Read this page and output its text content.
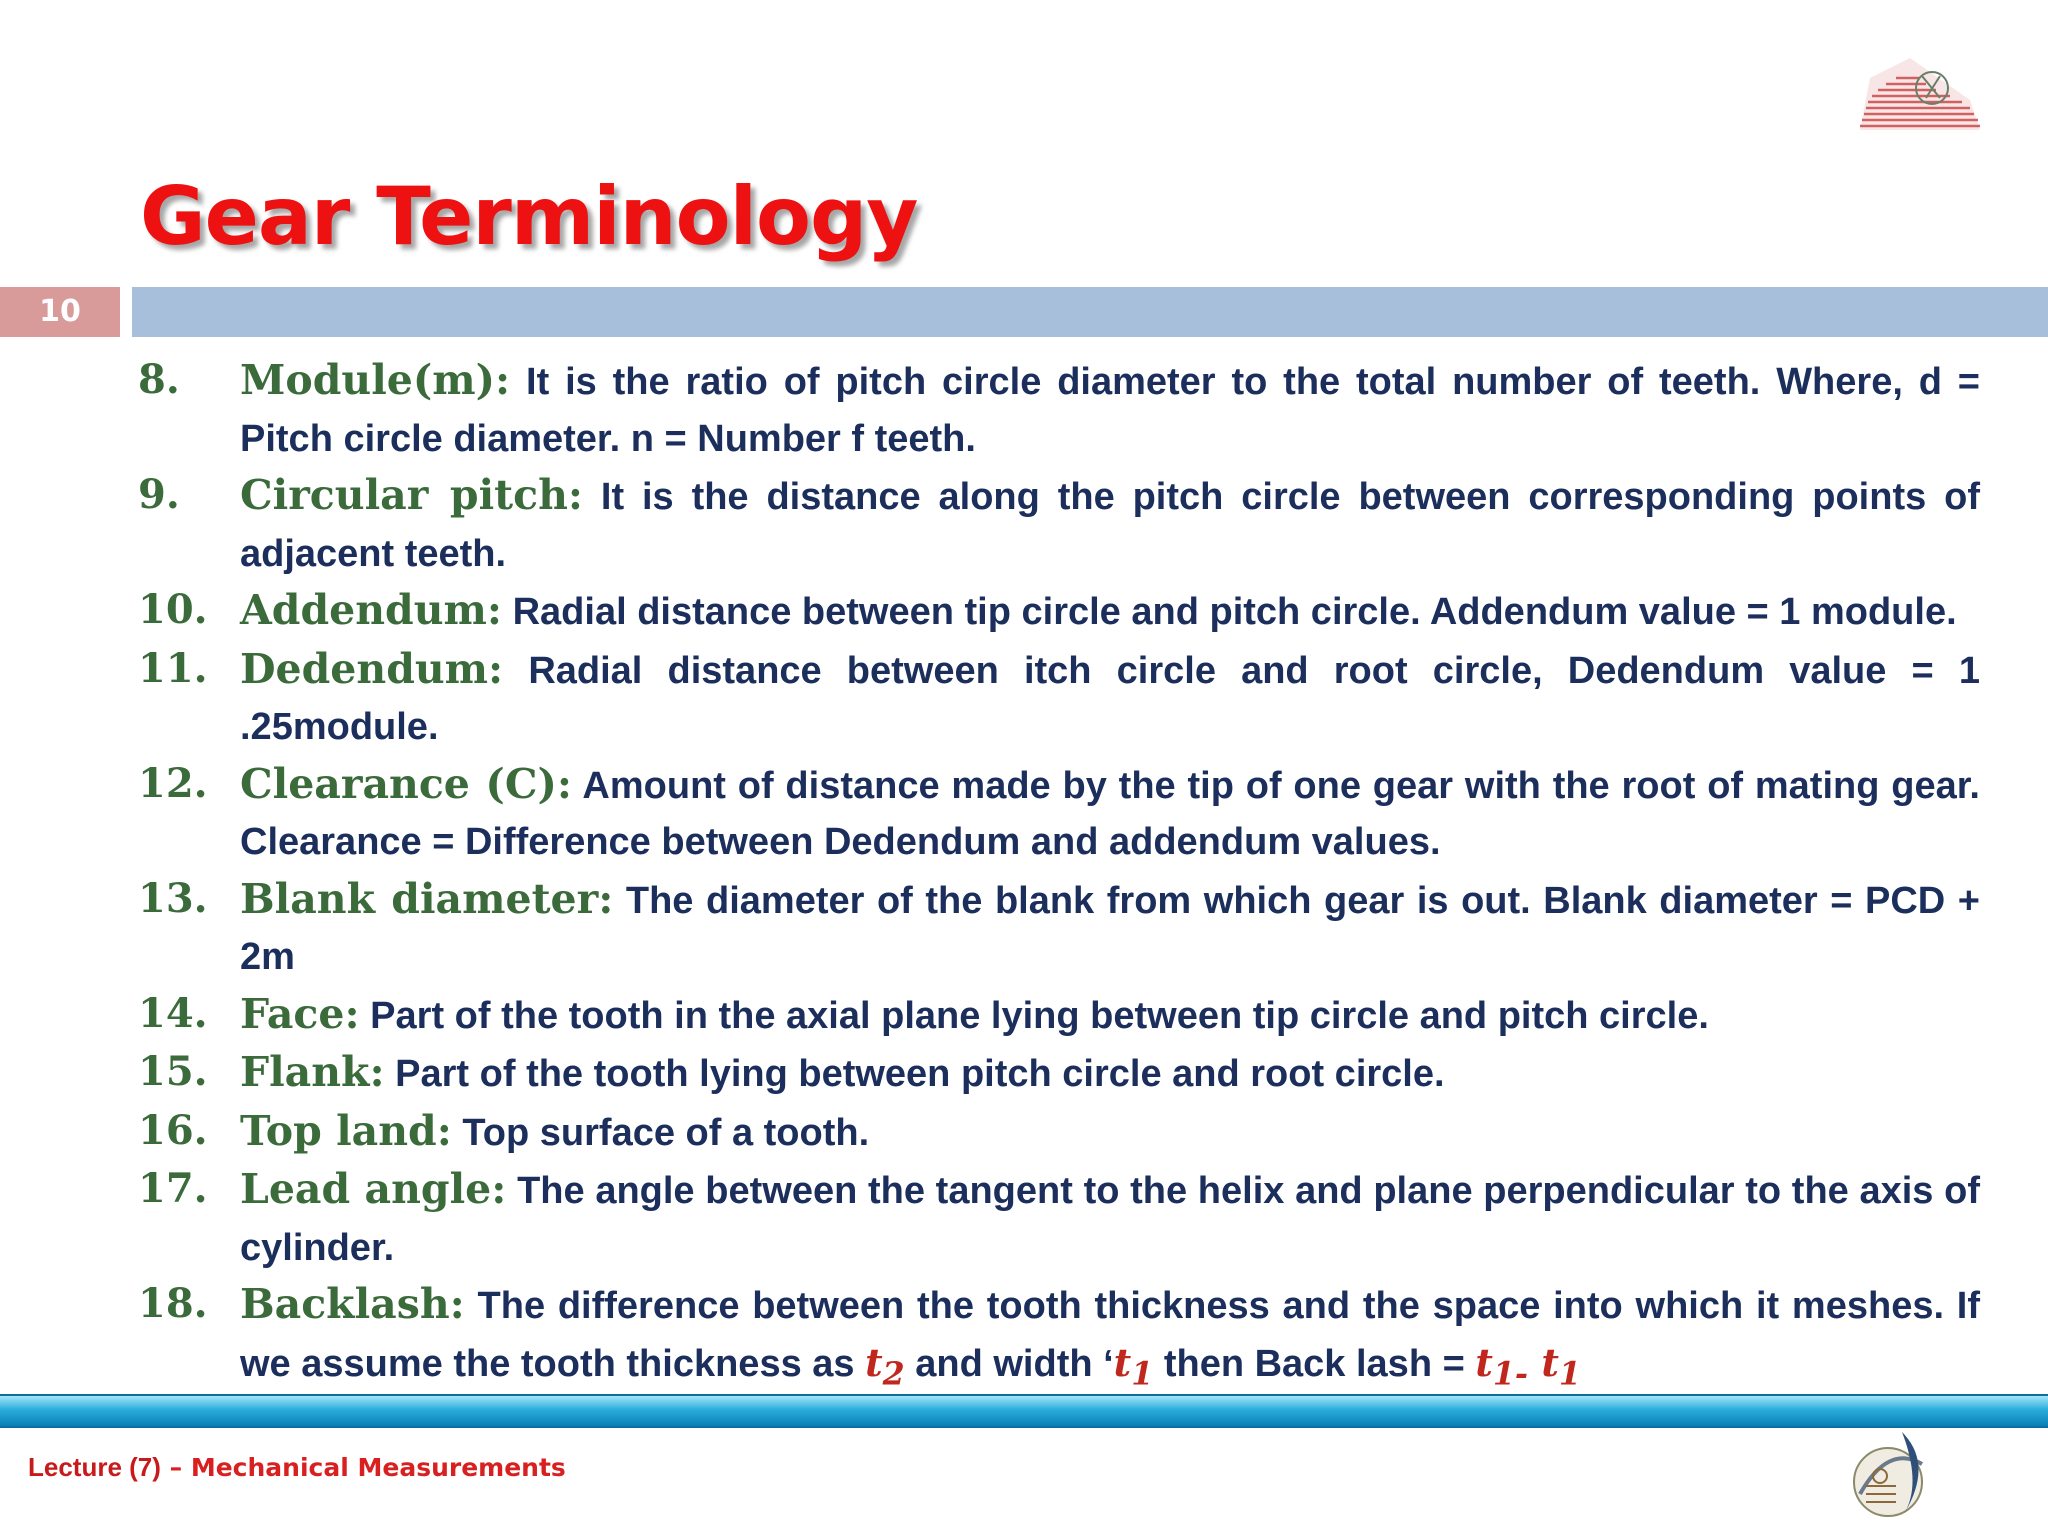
Gear Terminology
10
8.	Module(m): It is the ratio of pitch circle diameter to the total number of teeth. Where, d = Pitch circle diameter. n = Number f teeth.
9.	Circular pitch: It is the distance along the pitch circle between corresponding points of adjacent teeth.
10. Addendum: Radial distance between tip circle and pitch circle. Addendum value = 1 module.
11. Dedendum: Radial distance between itch circle and root circle, Dedendum value = 1 .25module.
12. Clearance (C): Amount of distance made by the tip of one gear with the root of mating gear. Clearance = Difference between Dedendum and addendum values.
13. Blank diameter: The diameter of the blank from which gear is out. Blank diameter = PCD + 2m
14. Face: Part of the tooth in the axial plane lying between tip circle and pitch circle.
15. Flank: Part of the tooth lying between pitch circle and root circle.
16. Top land: Top surface of a tooth.
17. Lead angle: The angle between the tangent to the helix and plane perpendicular to the axis of cylinder.
18. Backlash: The difference between the tooth thickness and the space into which it meshes. If we assume the tooth thickness as $t_2$ and width ‘$t_1$ then Back lash = $t_{1-}$ $t_1$
Lecture (7) – Mechanical Measurements
